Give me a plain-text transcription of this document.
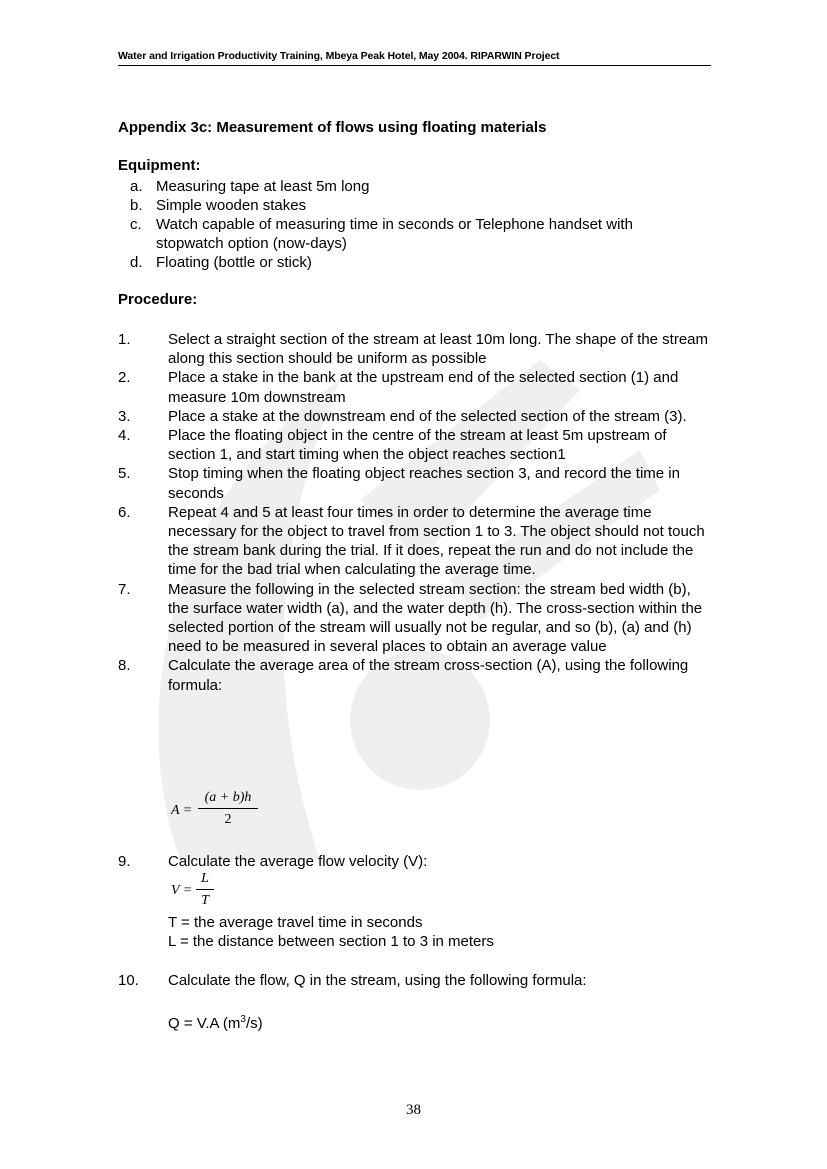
Water and Irrigation Productivity Training, Mbeya Peak Hotel, May 2004. RIPARWIN Project
Appendix 3c: Measurement of flows using floating materials
Equipment:
a. Measuring tape at least 5m long
b. Simple wooden stakes
c. Watch capable of measuring time in seconds or Telephone handset with stopwatch option (now-days)
d. Floating (bottle or stick)
Procedure:
1. Select a straight section of the stream at least 10m long. The shape of the stream along this section should be uniform as possible
2. Place a stake in the bank at the upstream end of the selected section (1) and measure 10m downstream
3. Place a stake at the downstream end of the selected section of the stream (3).
4. Place the floating object in the centre of the stream at least 5m upstream of section 1, and start timing when the object reaches section1
5. Stop timing when the floating object reaches section 3, and record the time in seconds
6. Repeat 4 and 5 at least four times in order to determine the average time necessary for the object to travel from section 1 to 3. The object should not touch the stream bank during the trial. If it does, repeat the run and do not include the time for the bad trial when calculating the average time.
7. Measure the following in the selected stream section: the stream bed width (b), the surface water width (a), and the water depth (h). The cross-section within the selected portion of the stream will usually not be regular, and so (b), (a) and (h) need to be measured in several places to obtain an average value
8. Calculate the average area of the stream cross-section (A), using the following formula:
$A = \frac{(a + b)h}{2}$
9. Calculate the average flow velocity (V):
$V = \frac{L}{T}$
T = the average travel time in seconds
L = the distance between section 1 to 3 in meters
10. Calculate the flow, Q in the stream, using the following formula:
Q = V.A $(m^3/s)$
38
